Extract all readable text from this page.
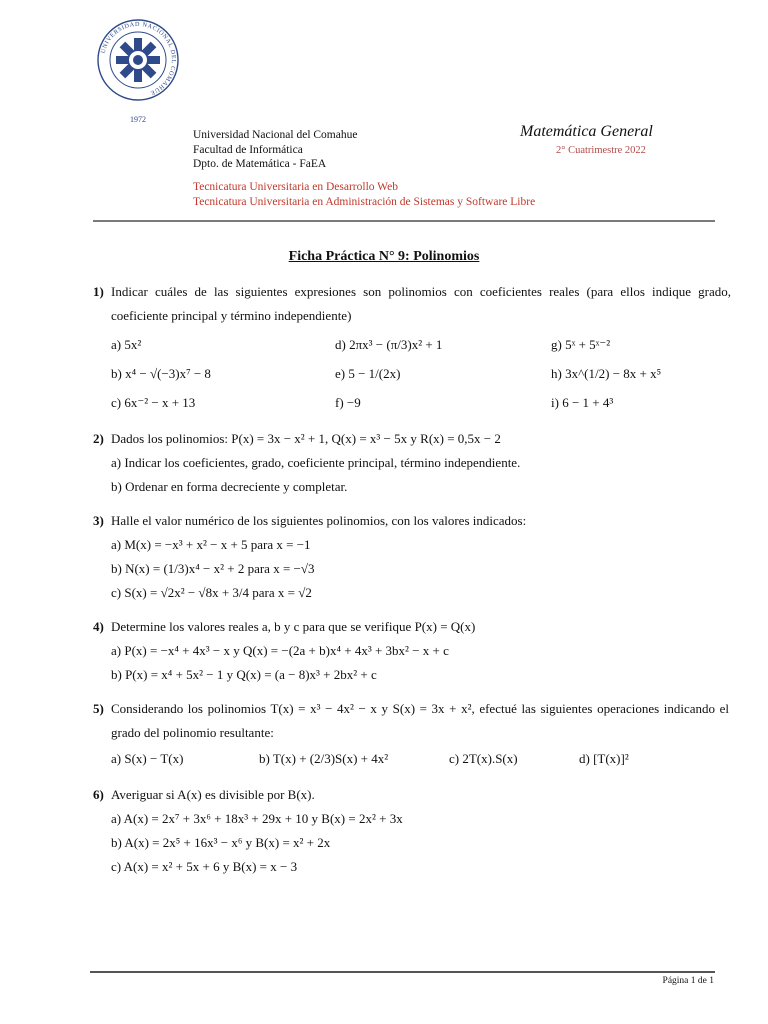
UNIVERSIDAD NACIONAL DEL COMAHUE
1972
Universidad Nacional del Comahue
Facultad de Informática
Dpto. de Matemática - FaEA
Matemática General
2° Cuatrimestre 2022
Tecnicatura Universitaria en Desarrollo Web
Tecnicatura Universitaria en Administración de Sistemas y Software Libre
Ficha Práctica N° 9: Polinomios
1) Indicar cuáles de las siguientes expresiones son polinomios con coeficientes reales (para ellos indique grado, coeficiente principal y término independiente)
a) 5x²	d) 2πx³ − (π/3)x² + 1	g) 5ˣ + 5ˣ⁻²
b) x⁴ − √(−3)x⁷ − 8	e) 5 − 1/(2x)	h) 3x^(1/2) − 8x + x⁵
c) 6x⁻² − x + 13	f) −9	i) 6 − 1 + 4³
2) Dados los polinomios: P(x) = 3x − x² + 1, Q(x) = x³ − 5x y R(x) = 0,5x − 2
a) Indicar los coeficientes, grado, coeficiente principal, término independiente.
b) Ordenar en forma decreciente y completar.
3) Halle el valor numérico de los siguientes polinomios, con los valores indicados:
a) M(x) = −x³ + x² − x + 5 para x = −1
b) N(x) = (1/3)x⁴ − x² + 2 para x = −√3
c) S(x) = √2x² − √8x + 3/4 para x = √2
4) Determine los valores reales a, b y c para que se verifique P(x) = Q(x)
a) P(x) = −x⁴ + 4x³ − x y Q(x) = −(2a + b)x⁴ + 4x³ + 3bx² − x + c
b) P(x) = x⁴ + 5x² − 1 y Q(x) = (a − 8)x³ + 2bx² + c
5) Considerando los polinomios T(x) = x³ − 4x² − x y S(x) = 3x + x², efectué las siguientes operaciones indicando el grado del polinomio resultante:
a) S(x) − T(x)	b) T(x) + (2/3)S(x) + 4x²	c) 2T(x).S(x)	d) [T(x)]²
6) Averiguar si A(x) es divisible por B(x).
a) A(x) = 2x⁷ + 3x⁶ + 18x³ + 29x + 10 y B(x) = 2x² + 3x
b) A(x) = 2x⁵ + 16x³ − x⁶ y B(x) = x² + 2x
c) A(x) = x² + 5x + 6 y B(x) = x − 3
Página 1 de 1
